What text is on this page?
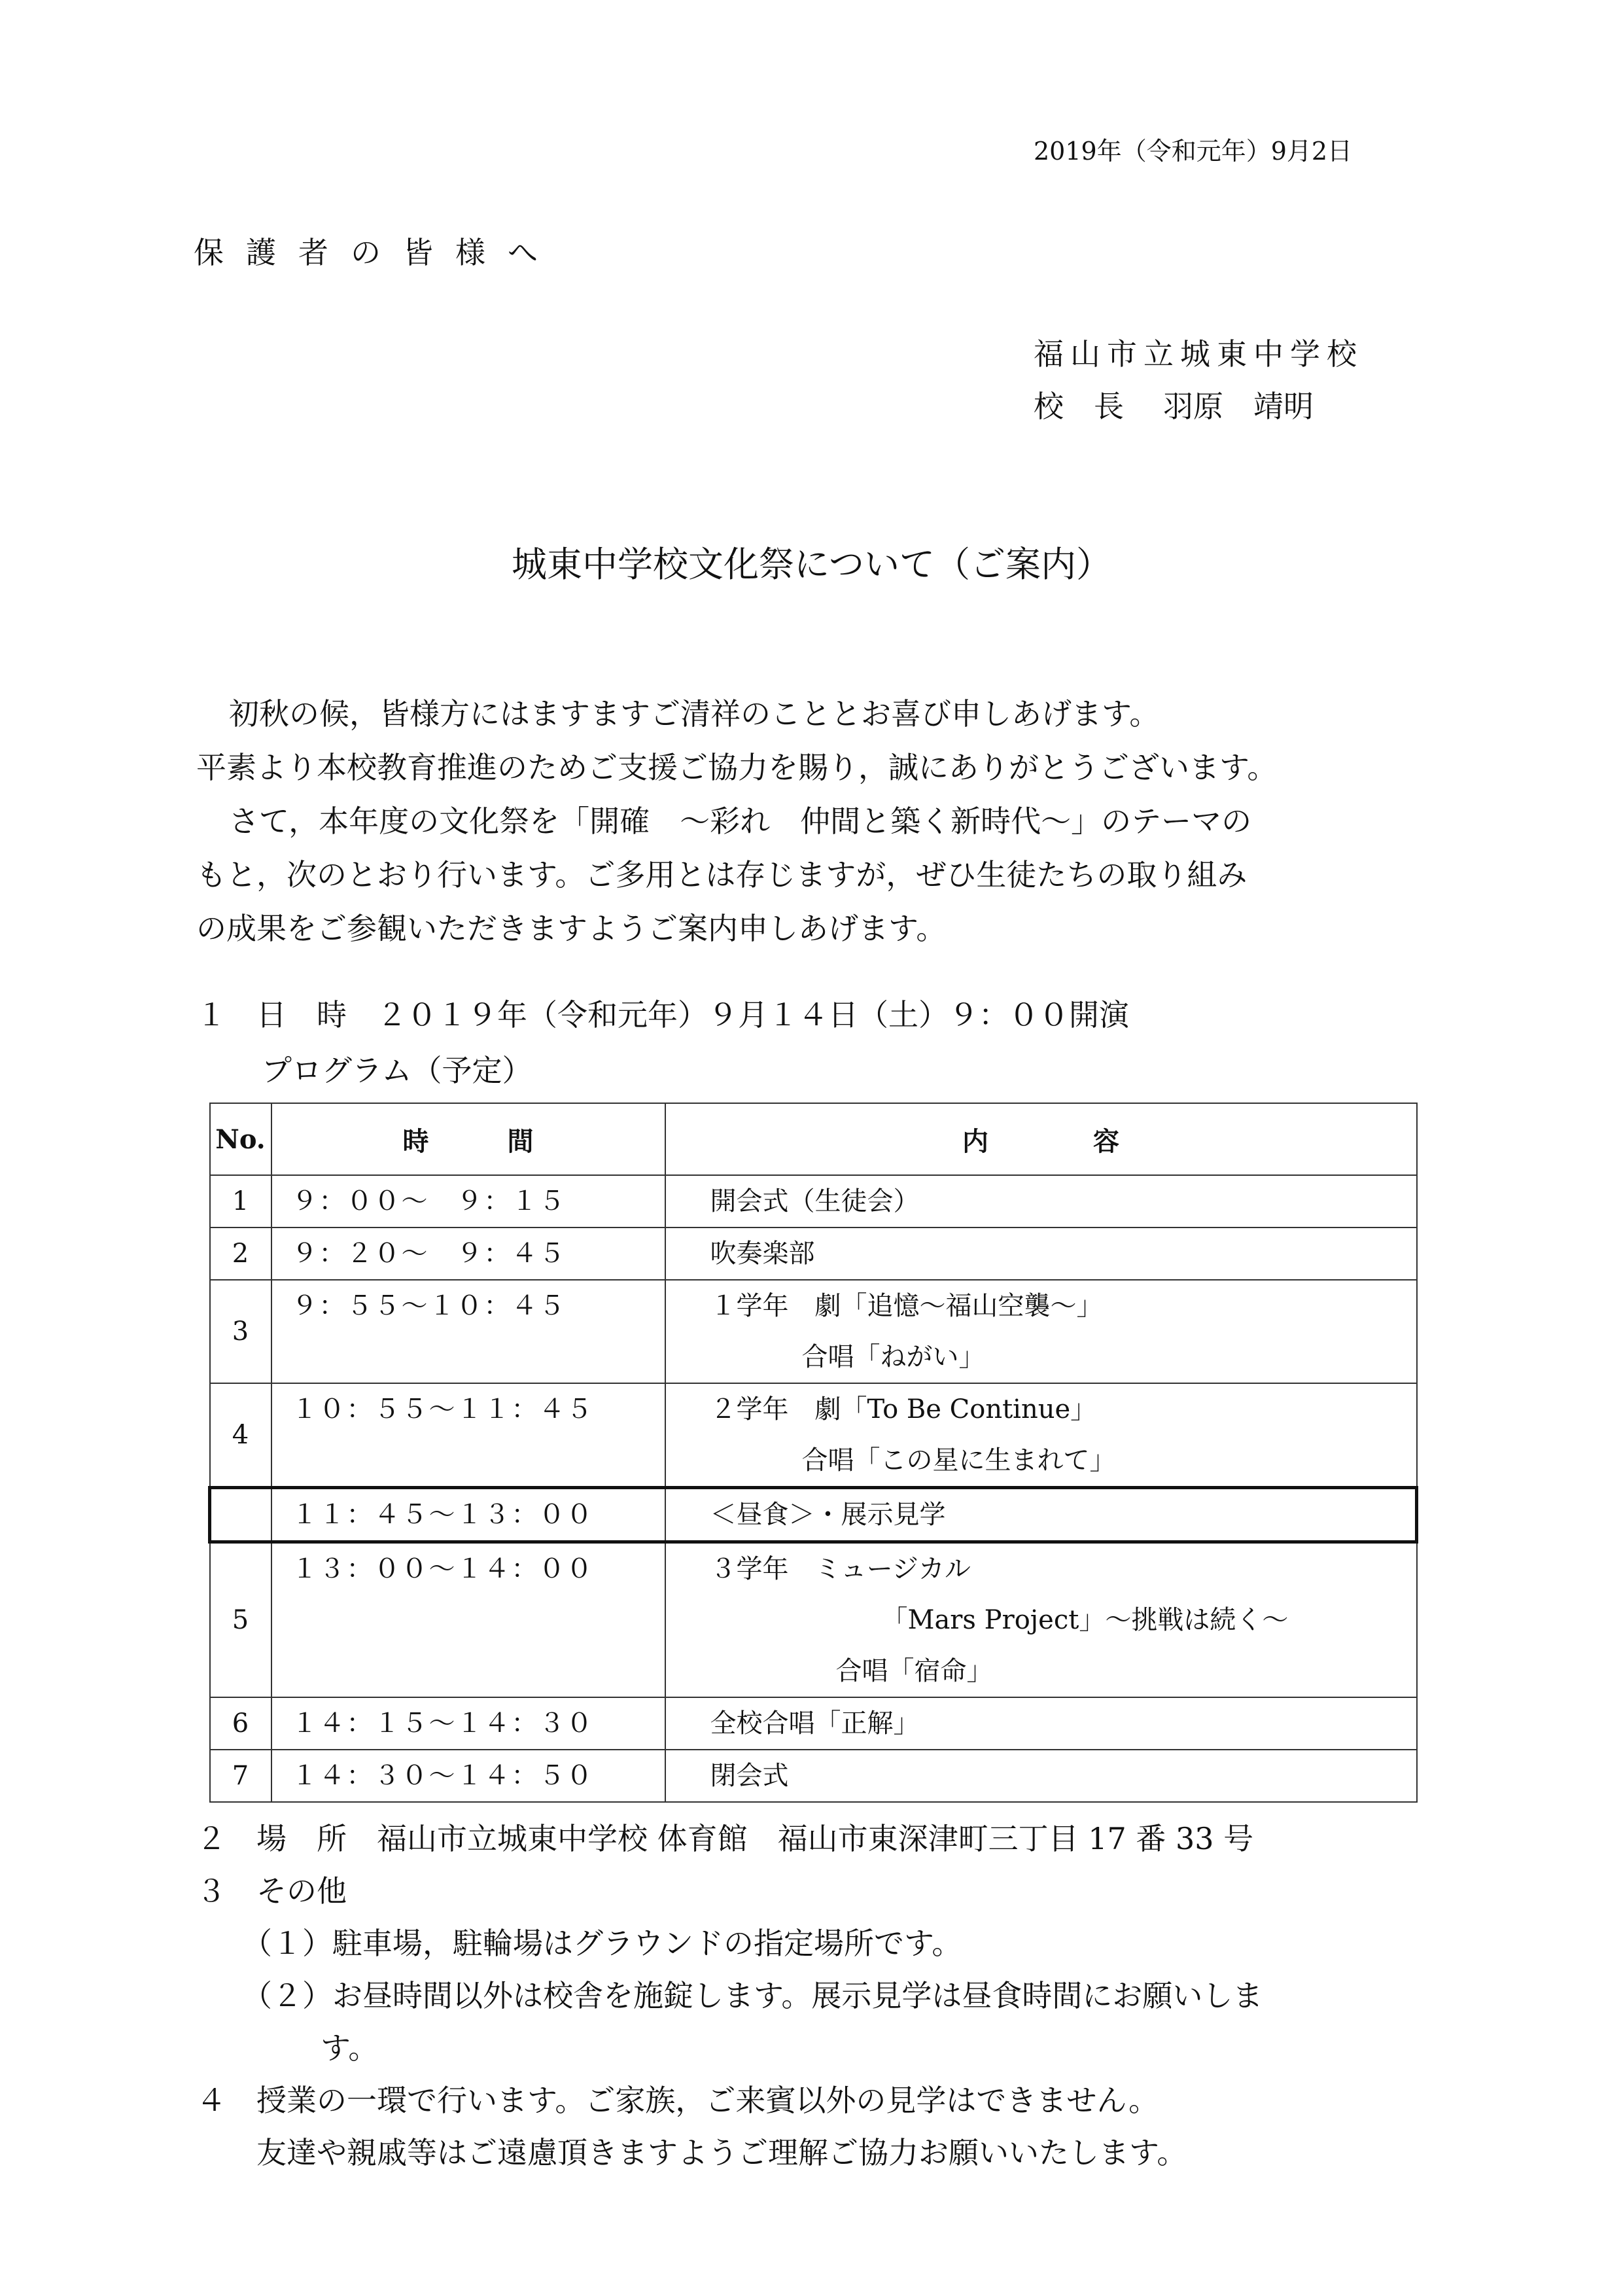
2019年（令和元年）9月2日
保護者の皆様へ
福山市立城東中学校
校　長 羽原　靖明
城東中学校文化祭について（ご案内）

初秋の候，皆様方にはますますご清祥のこととお喜び申しあげます。

平素より本校教育推進のためご支援ご協力を賜り，誠にありがとうございます。

さて，本年度の文化祭を「開確　～彩れ　仲間と築く新時代～」のテーマの

もと，次のとおり行います。ご多用とは存じますが，ぜひ生徒たちの取り組み

の成果をご参観いただきますようご案内申しあげます。

１　日　時　２０１９年（令和元年）９月１４日（土）９：００開演
プログラム（予定）
No.	時　　　間	内　　　　容
1	９：００～　９：１５	開会式（生徒会）

2	９：２０～　９：４５	吹奏楽部

3	９：５５～１０：４５	１学年　劇「追憶～福山空襲～」
合唱「ねがい」

4	１０：５５～１１：４５	２学年　劇「To Be Continue」
合唱「この星に生まれて」

	１１：４５～１３：００	＜昼食＞・展示見学

5	１３：００～１４：００	３学年　ミュージカル
「Mars Project」～挑戦は続く～
合唱「宿命」

6	１４：１５～１４：３０	全校合唱「正解」

7	１４：３０～１４：５０	閉会式

２　場　所　福山市立城東中学校 体育館　福山市東深津町三丁目 17 番 33 号

３　その他

（１）駐車場，駐輪場はグラウンドの指定場所です。

（２）お昼時間以外は校舎を施錠します。展示見学は昼食時間にお願いしま

す。

４　授業の一環で行います。ご家族，ご来賓以外の見学はできません。

友達や親戚等はご遠慮頂きますようご理解ご協力お願いいたします。
